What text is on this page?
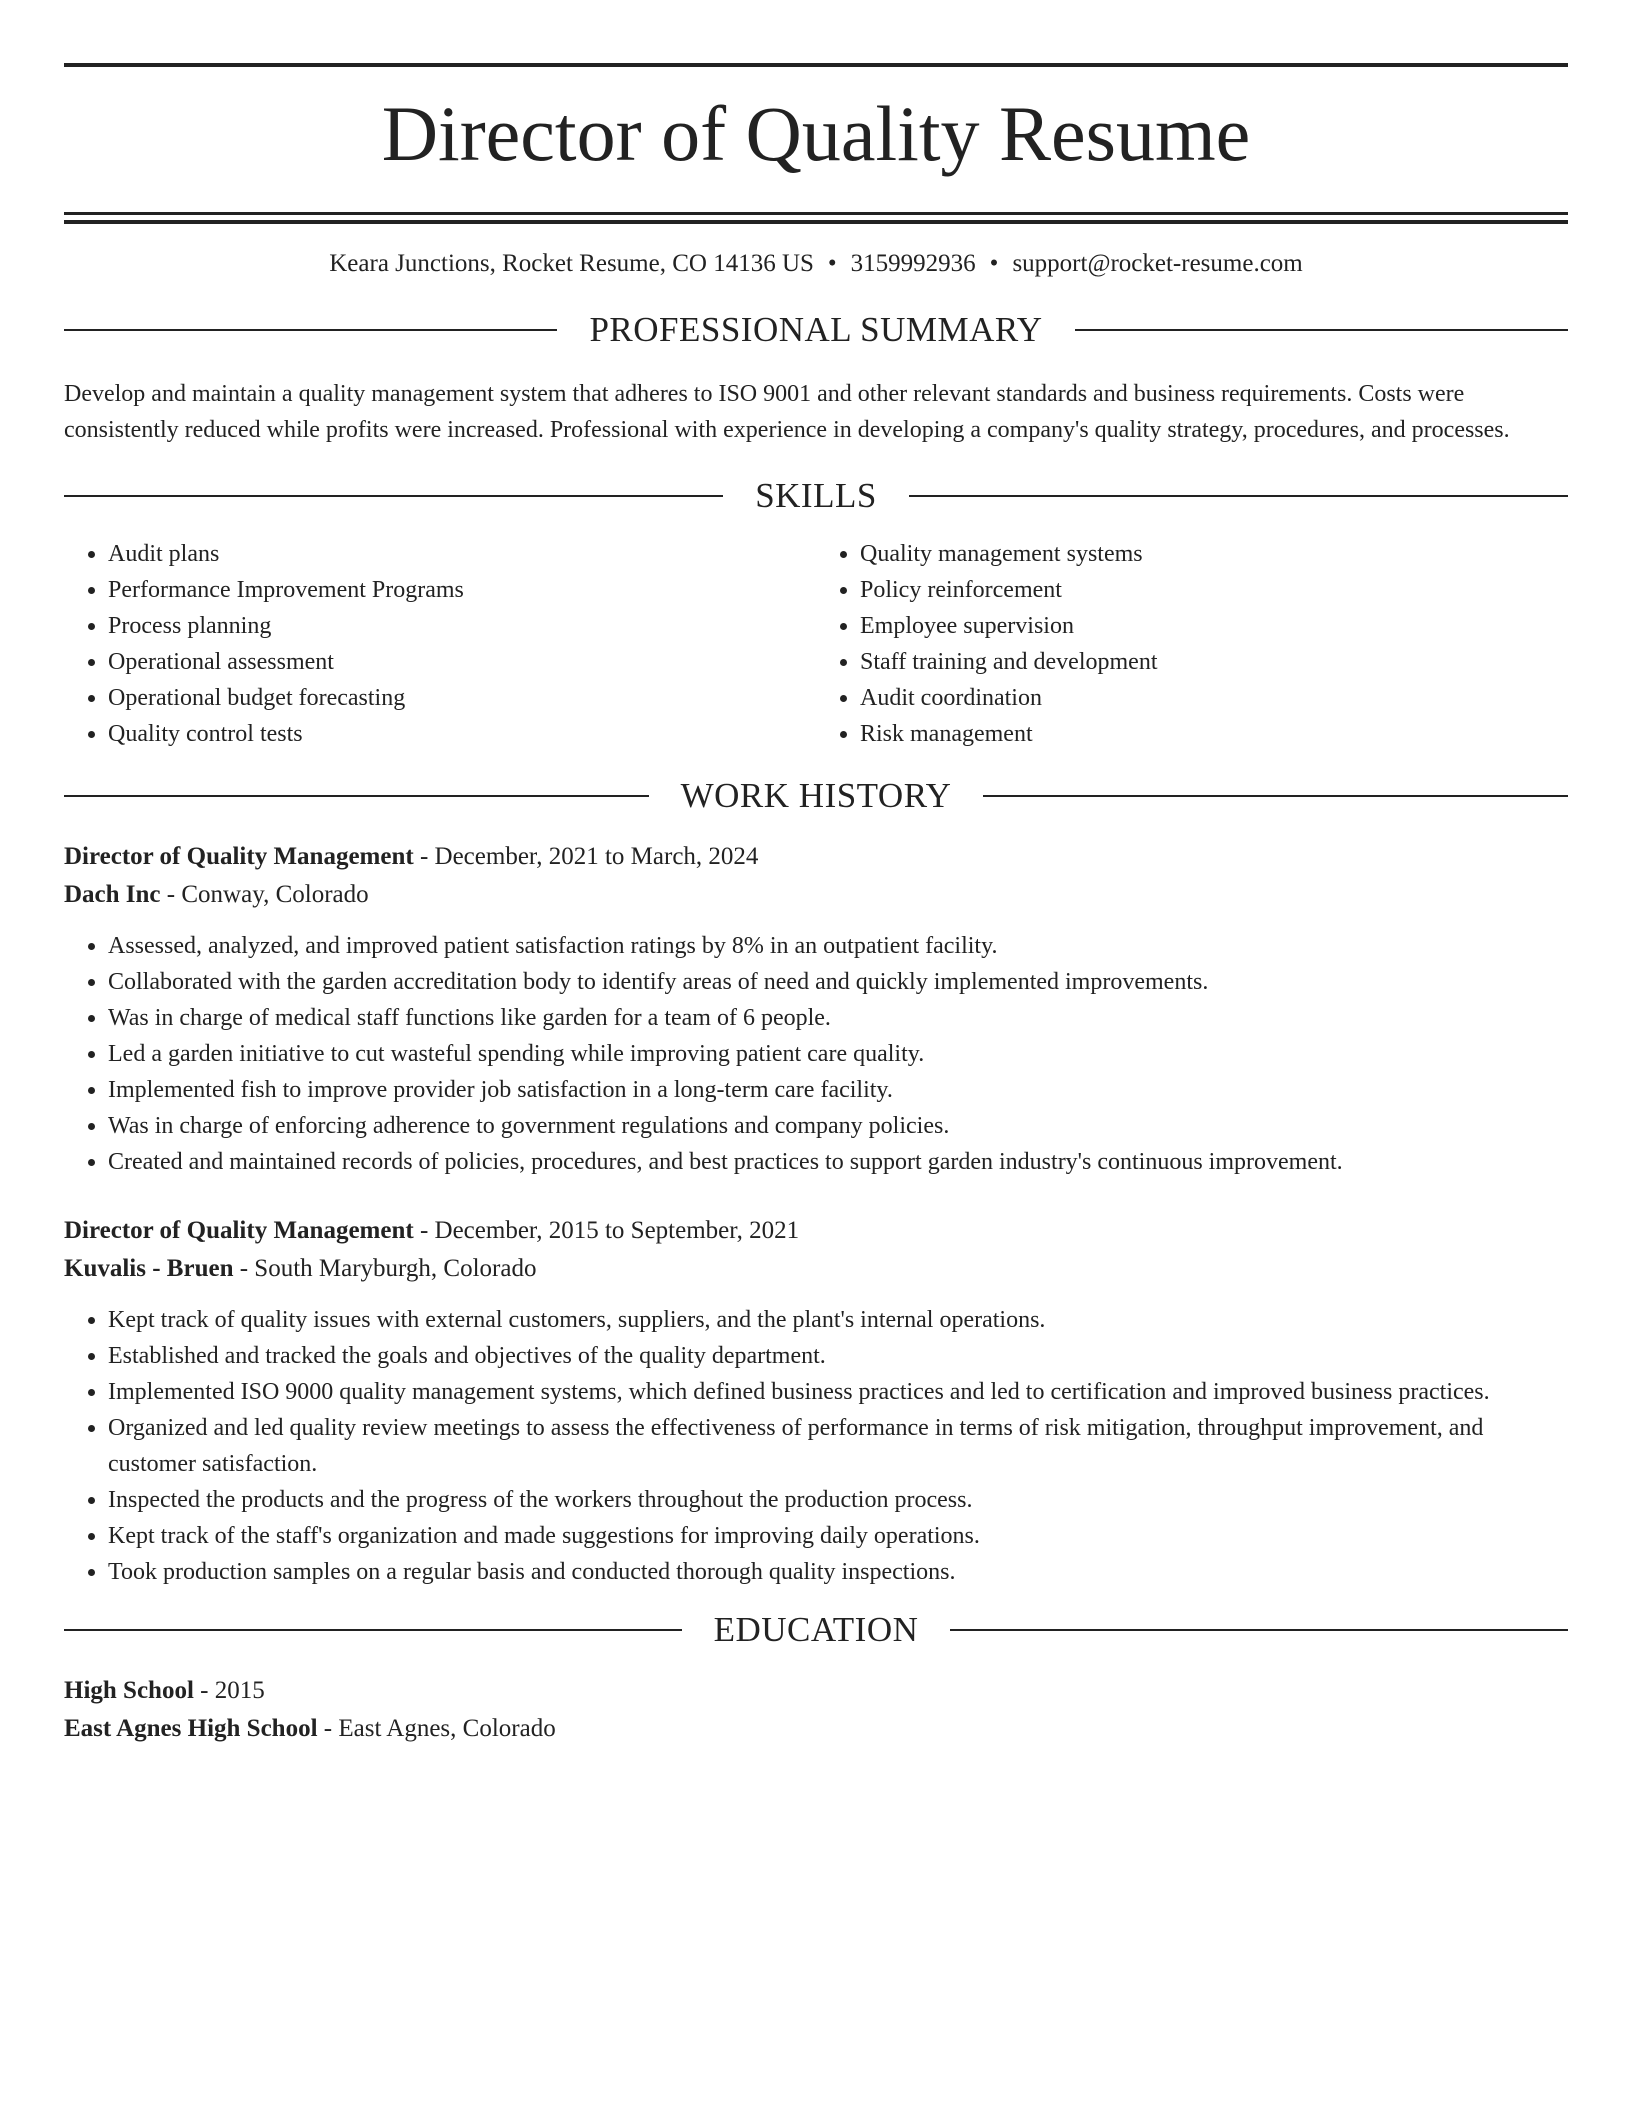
Director of Quality Resume
Keara Junctions, Rocket Resume, CO 14136 US • 3159992936 • support@rocket-resume.com
PROFESSIONAL SUMMARY

Develop and maintain a quality management system that adheres to ISO 9001 and other relevant standards and business requirements. Costs were consistently reduced while profits were increased. Professional with experience in developing a company's quality strategy, procedures, and processes.

SKILLS
• Audit plans
• Performance Improvement Programs
• Process planning
• Operational assessment
• Operational budget forecasting
• Quality control tests
• Quality management systems
• Policy reinforcement
• Employee supervision
• Staff training and development
• Audit coordination
• Risk management
WORK HISTORY
Director of Quality Management - December, 2021 to March, 2024
Dach Inc - Conway, Colorado
• Assessed, analyzed, and improved patient satisfaction ratings by 8% in an outpatient facility.
• Collaborated with the garden accreditation body to identify areas of need and quickly implemented improvements.
• Was in charge of medical staff functions like garden for a team of 6 people.
• Led a garden initiative to cut wasteful spending while improving patient care quality.
• Implemented fish to improve provider job satisfaction in a long-term care facility.
• Was in charge of enforcing adherence to government regulations and company policies.
• Created and maintained records of policies, procedures, and best practices to support garden industry's continuous improvement.
Director of Quality Management - December, 2015 to September, 2021
Kuvalis - Bruen - South Maryburgh, Colorado
• Kept track of quality issues with external customers, suppliers, and the plant's internal operations.
• Established and tracked the goals and objectives of the quality department.
• Implemented ISO 9000 quality management systems, which defined business practices and led to certification and improved business practices.
• Organized and led quality review meetings to assess the effectiveness of performance in terms of risk mitigation, throughput improvement, and customer satisfaction.
• Inspected the products and the progress of the workers throughout the production process.
• Kept track of the staff's organization and made suggestions for improving daily operations.
• Took production samples on a regular basis and conducted thorough quality inspections.
EDUCATION
High School - 2015
East Agnes High School - East Agnes, Colorado
